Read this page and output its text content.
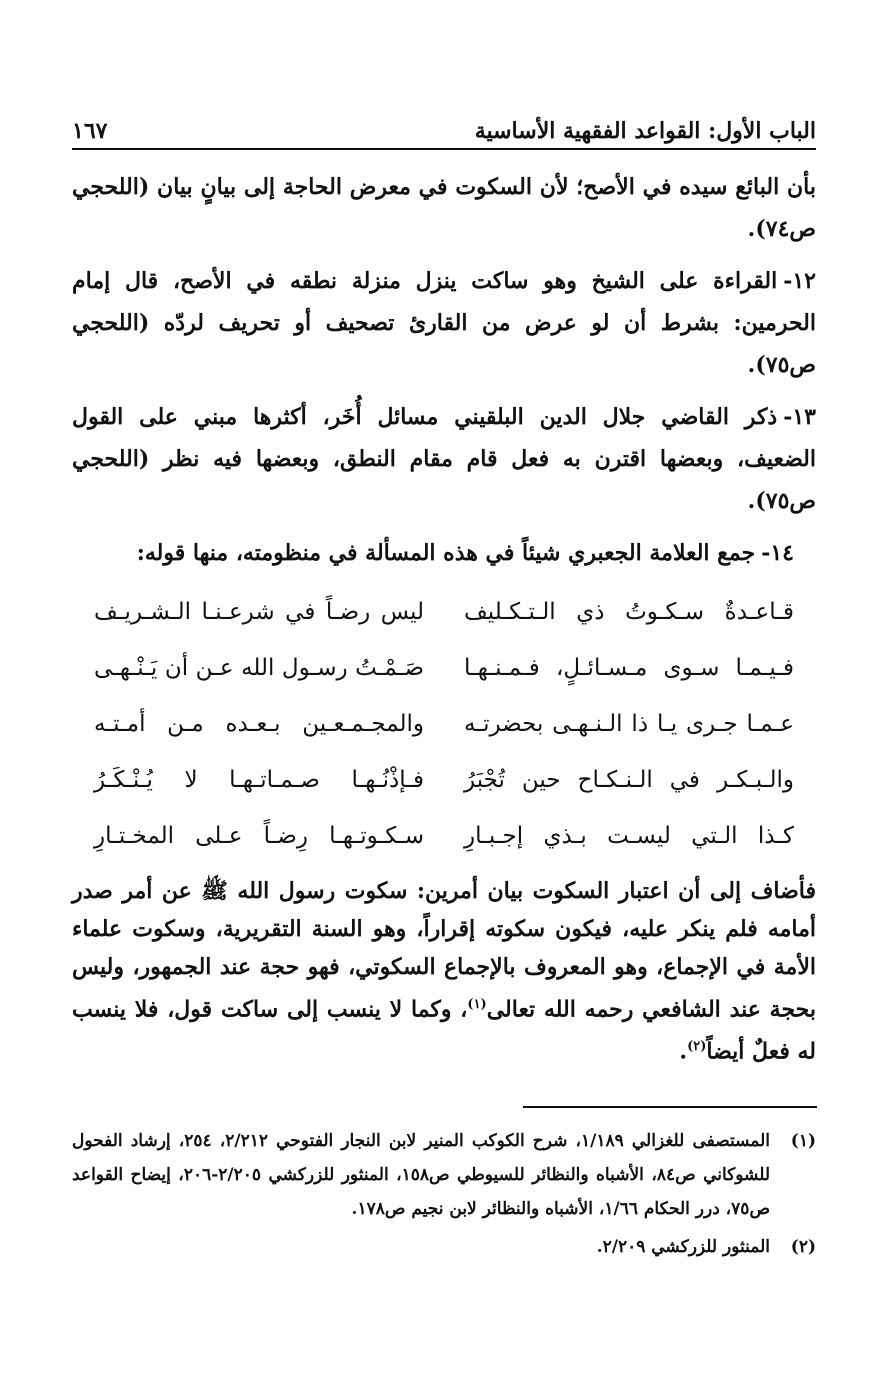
الباب الأول: القواعد الفقهية الأساسية
١٦٧

بأن البائع سيده في الأصح؛ لأن السكوت في معرض الحاجة إلى بيانٍ بيان (اللحجي ص٧٤).

١٢-القراءة على الشيخ وهو ساكت ينزل منزلة نطقه في الأصح، قال إمام الحرمين: بشرط أن لو عرض من القارئ تصحيف أو تحريف لردّه (اللحجي ص٧٥).

١٣-ذكر القاضي جلال الدين البلقيني مسائل أُخَر، أكثرها مبني على القول الضعيف، وبعضها اقترن به فعل قام مقام النطق، وبعضها فيه نظر (اللحجي ص٧٥).

١٤-جمع العلامة الجعبري شيئاً في هذه المسألة في منظومته، منها قوله:

قـاعـدةٌ سـكـوتُ ذي الـتـكـليف
ليس رضـاً في شرعـنـا الـشـريـف
فـيـمـا سـوى مـسـائـلٍ، فـمـنـهـا
صَـمْـتُ رسـول الله عـن أن يَـنْـهـى
عـمـا جـرى يـا ذا الـنـهـى بحضرتـه
والمجـمـعـين بـعـده مـن أمـتـه
والـبـكـر في الـنـكـاح حين تُجْبَرُ
فـإذْنُـهـا صـمـاتـهـا لا يُـنْـكَـرُ
كـذا الـتي ليسـت بـذي إجـبـارِ
سـكـوتـهـا رِضـاً عـلى المخـتـارِ

فأضاف إلى أن اعتبار السكوت بيان أمرين: سكوت رسول الله ﷺ عن أمر صدر أمامه فلم ينكر عليه، فيكون سكوته إقراراً، وهو السنة التقريرية، وسكوت علماء الأمة في الإجماع، وهو المعروف بالإجماع السكوتي، فهو حجة عند الجمهور، وليس بحجة عند الشافعي رحمه الله تعالى$^{(١)}$، وكما لا ينسب إلى ساكت قول، فلا ينسب له فعلٌ أيضاً$^{(٢)}$.

(١)
المستصفى للغزالي ١/١٨٩، شرح الكوكب المنير لابن النجار الفتوحي ٢/٢١٢، ٢٥٤، إرشاد الفحول للشوكاني ص٨٤، الأشباه والنظائر للسيوطي ص١٥٨، المنثور للزركشي ٢/٢٠٥-٢٠٦، إيضاح القواعد ص٧٥، درر الحكام ١/٦٦، الأشباه والنظائر لابن نجيم ص١٧٨.
(٢)
المنثور للزركشي ٢/٢٠٩.
